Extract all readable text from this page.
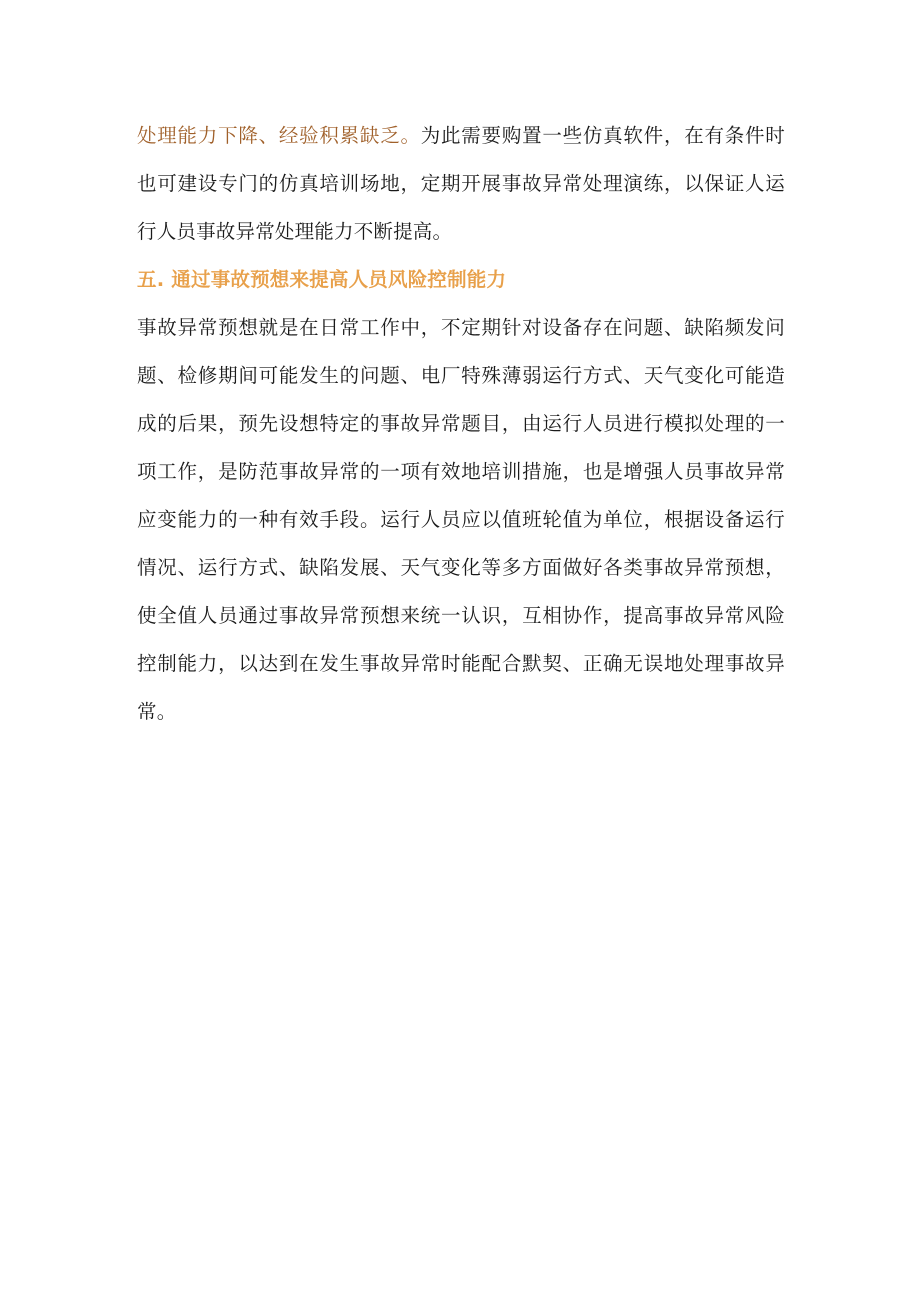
处理能力下降、经验积累缺乏。为此需要购置一些仿真软件，在有条件时也可建设专门的仿真培训场地，定期开展事故异常处理演练，以保证人运行人员事故异常处理能力不断提高。

五. 通过事故预想来提高人员风险控制能力

事故异常预想就是在日常工作中，不定期针对设备存在问题、缺陷频发问题、检修期间可能发生的问题、电厂特殊薄弱运行方式、天气变化可能造成的后果，预先设想特定的事故异常题目，由运行人员进行模拟处理的一项工作，是防范事故异常的一项有效地培训措施，也是增强人员事故异常应变能力的一种有效手段。运行人员应以值班轮值为单位，根据设备运行情况、运行方式、缺陷发展、天气变化等多方面做好各类事故异常预想，使全值人员通过事故异常预想来统一认识，互相协作，提高事故异常风险控制能力，以达到在发生事故异常时能配合默契、正确无误地处理事故异常。
